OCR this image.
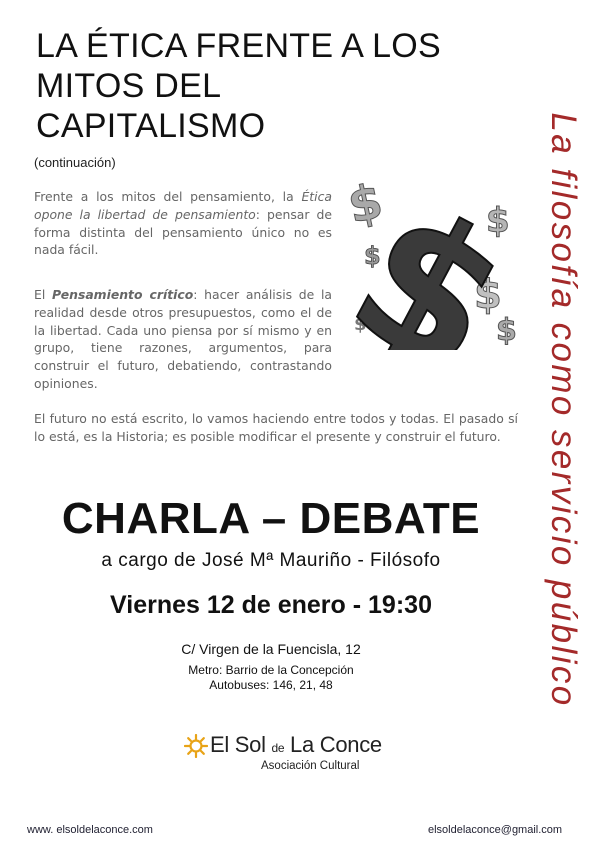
LA ÉTICA FRENTE A LOS
MITOS DEL
CAPITALISMO
(continuación)
Frente a los mitos del pensamiento, la Ética opone la libertad de pensamiento: pensar de forma distinta del pensamiento único no es nada fácil.
El Pensamiento crítico: hacer análisis de la realidad desde otros presupuestos, como el de la libertad. Cada uno piensa por sí mismo y en grupo, tiene razones, argumentos, para construir el futuro, debatiendo, contrastando opiniones.
El futuro no está escrito, lo vamos haciendo entre todos y todas. El pasado sí lo está, es la Historia; es posible modificar el presente y construir el futuro.
$	$
$
$
$
$	$
$ La filosofía como servicio público
CHARLA – DEBATE
a cargo de José Mª Mauriño - Filósofo
Viernes 12 de enero - 19:30
C/ Virgen de la Fuencisla, 12
Metro: Barrio de la Concepción
Autobuses: 146, 21, 48
El Sol de La Conce
Asociación Cultural
www. elsoldelaconce.com	elsoldelaconce@gmail.com
